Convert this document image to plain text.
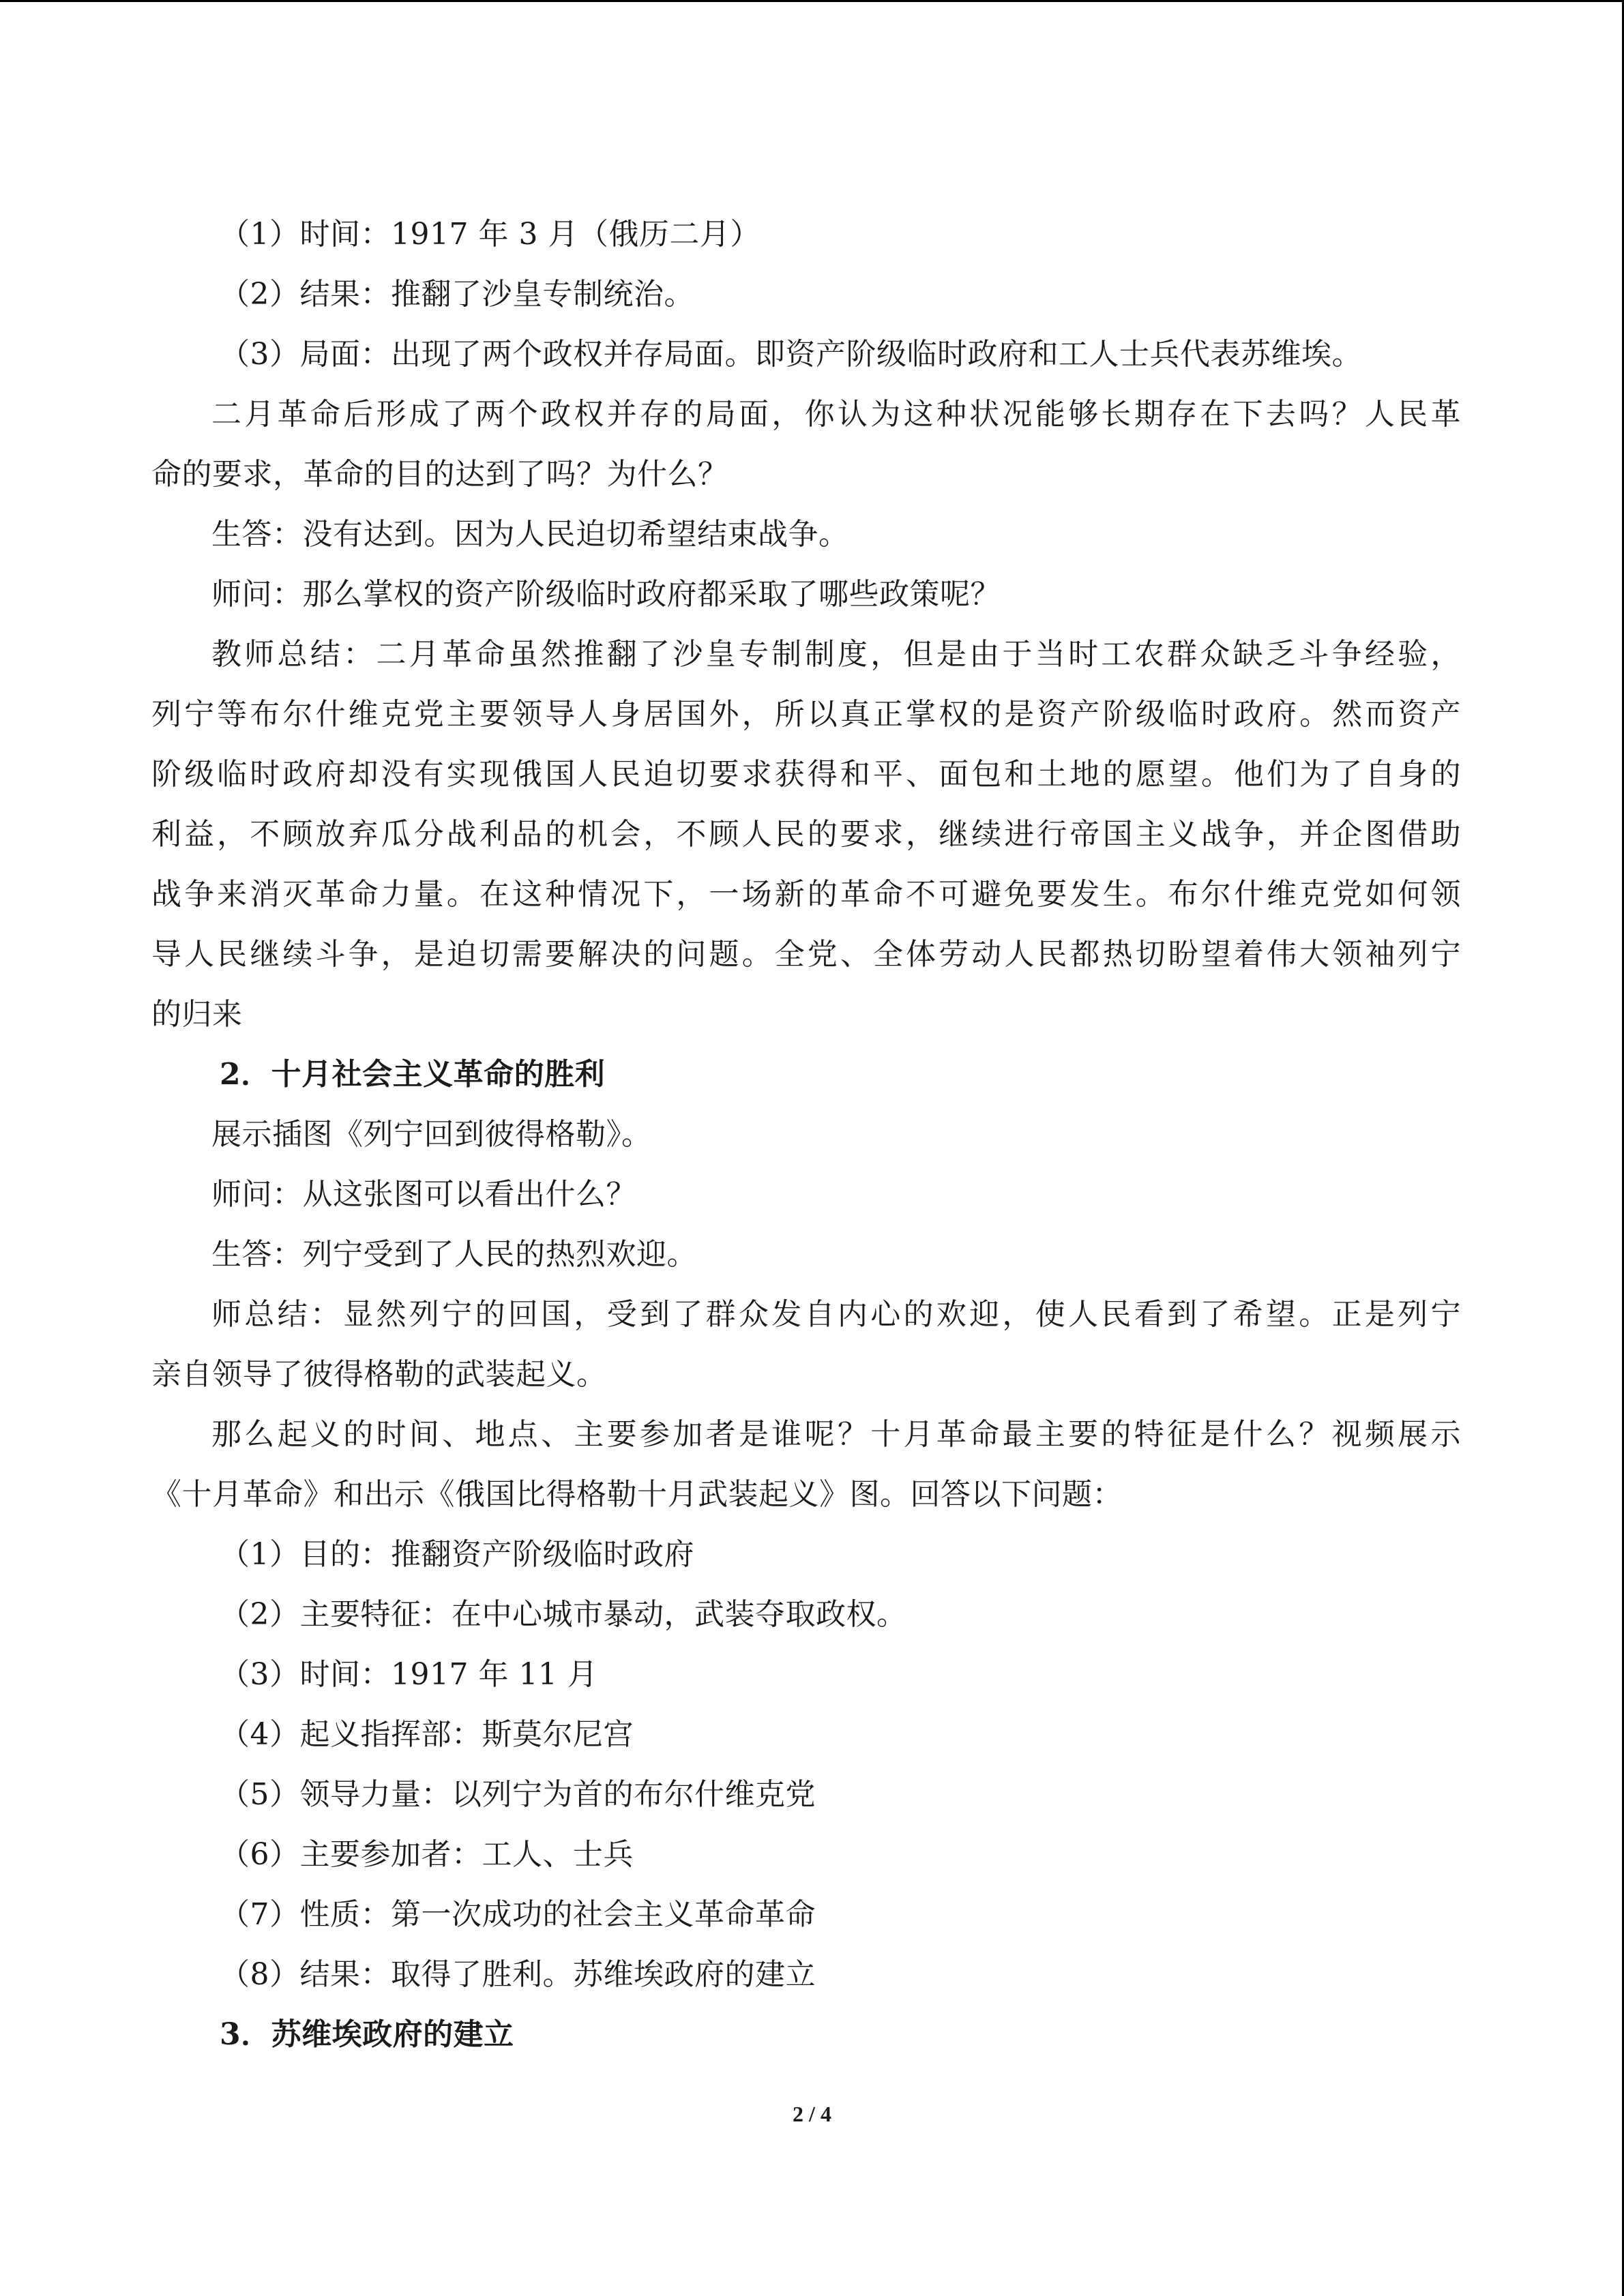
（1）时间：1917 年 3 月（俄历二月）
（2）结果：推翻了沙皇专制统治。
（3）局面：出现了两个政权并存局面。即资产阶级临时政府和工人士兵代表苏维埃。
二月革命后形成了两个政权并存的局面，你认为这种状况能够长期存在下去吗？人民革
命的要求，革命的目的达到了吗？为什么？
生答：没有达到。因为人民迫切希望结束战争。
师问：那么掌权的资产阶级临时政府都采取了哪些政策呢？
教师总结：二月革命虽然推翻了沙皇专制制度，但是由于当时工农群众缺乏斗争经验，
列宁等布尔什维克党主要领导人身居国外，所以真正掌权的是资产阶级临时政府。然而资产
阶级临时政府却没有实现俄国人民迫切要求获得和平、面包和土地的愿望。他们为了自身的
利益，不顾放弃瓜分战利品的机会，不顾人民的要求，继续进行帝国主义战争，并企图借助
战争来消灭革命力量。在这种情况下，一场新的革命不可避免要发生。布尔什维克党如何领
导人民继续斗争，是迫切需要解决的问题。全党、全体劳动人民都热切盼望着伟大领袖列宁
的归来
2．十月社会主义革命的胜利
展示插图《列宁回到彼得格勒》。
师问：从这张图可以看出什么？
生答：列宁受到了人民的热烈欢迎。
师总结：显然列宁的回国，受到了群众发自内心的欢迎，使人民看到了希望。正是列宁
亲自领导了彼得格勒的武装起义。
那么起义的时间、地点、主要参加者是谁呢？十月革命最主要的特征是什么？视频展示
《十月革命》和出示《俄国比得格勒十月武装起义》图。回答以下问题：
（1）目的：推翻资产阶级临时政府
（2）主要特征：在中心城市暴动，武装夺取政权。
（3）时间：1917 年 11 月
（4）起义指挥部：斯莫尔尼宫
（5）领导力量：以列宁为首的布尔什维克党
（6）主要参加者：工人、士兵
（7）性质：第一次成功的社会主义革命革命
（8）结果：取得了胜利。苏维埃政府的建立
3．苏维埃政府的建立
2 / 4
